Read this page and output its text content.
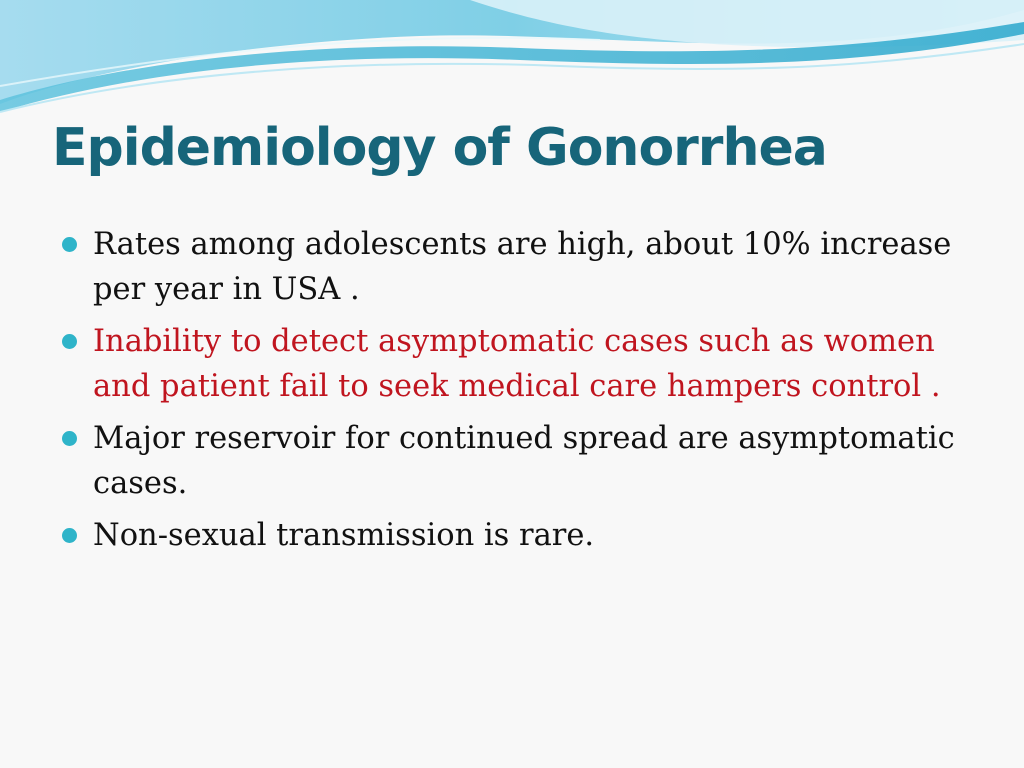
Epidemiology of Gonorrhea
Rates among adolescents are high, about 10% increase per year in USA .
Inability to detect asymptomatic cases such as women and patient fail to seek medical care hampers control .
Major reservoir for continued spread are asymptomatic cases.
Non-sexual transmission is rare.
